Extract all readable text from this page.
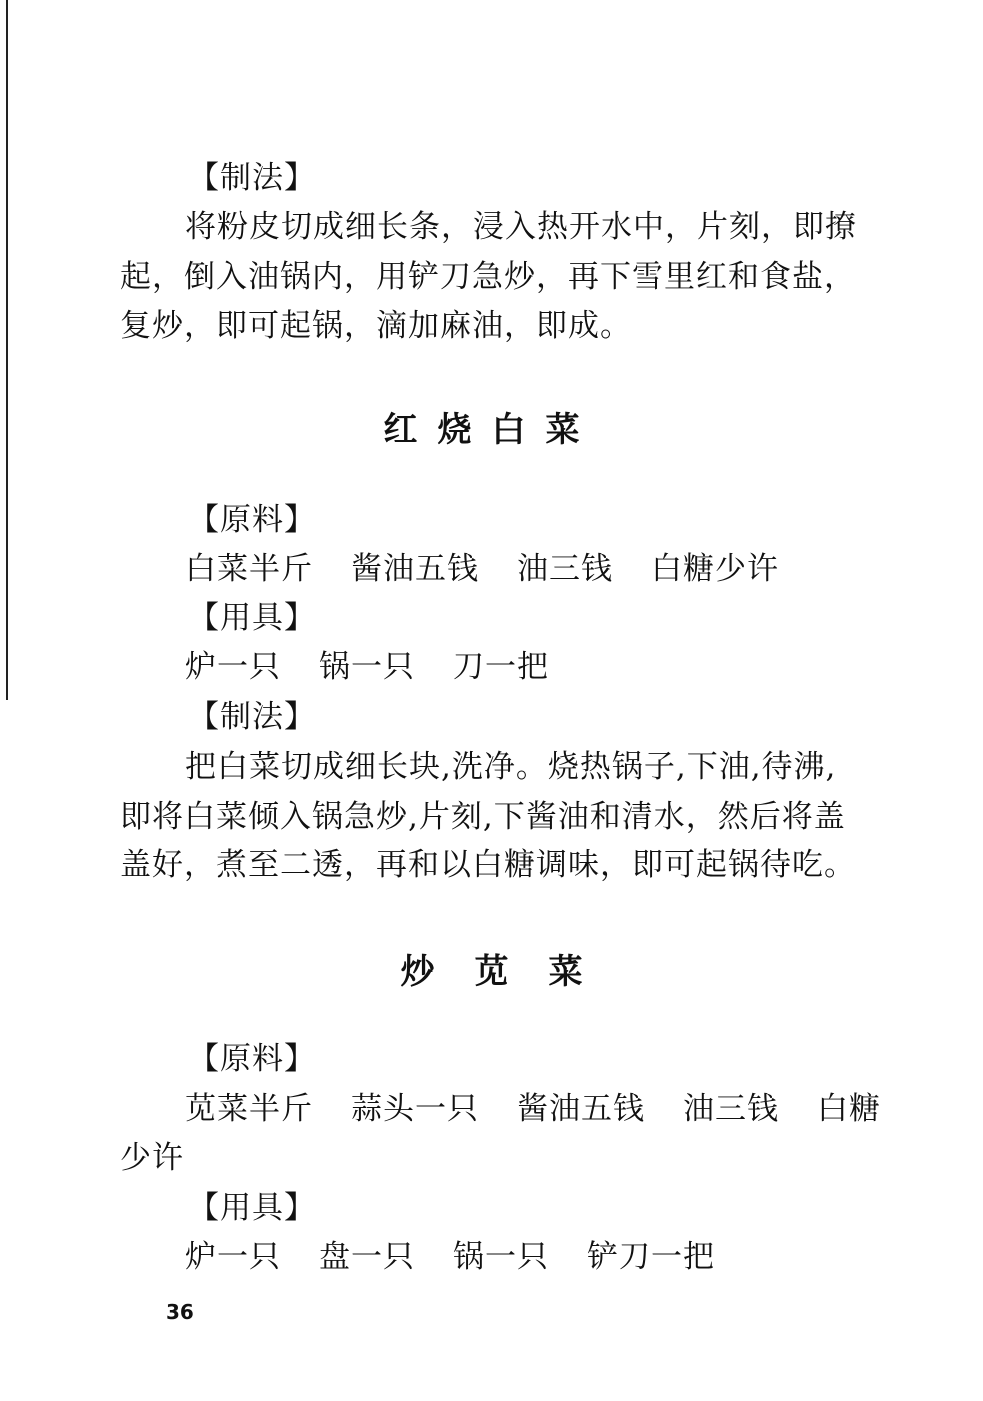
【制法】
将粉皮切成细长条，浸入热开水中，片刻，即撩
起，倒入油锅内，用铲刀急炒，再下雪里红和食盐，
复炒，即可起锅，滴加麻油，即成。
红烧白菜
【原料】
白菜半斤 酱油五钱 油三钱 白糖少许
【用具】
炉一只 锅一只 刀一把
【制法】
把白菜切成细长块,洗净。烧热锅子,下油,待沸,
即将白菜倾入锅急炒,片刻,下酱油和清水，然后将盖
盖好，煮至二透，再和以白糖调味，即可起锅待吃。
炒苋菜
【原料】
苋菜半斤 蒜头一只 酱油五钱 油三钱 白糖
少许
【用具】
炉一只 盘一只 锅一只 铲刀一把
36
